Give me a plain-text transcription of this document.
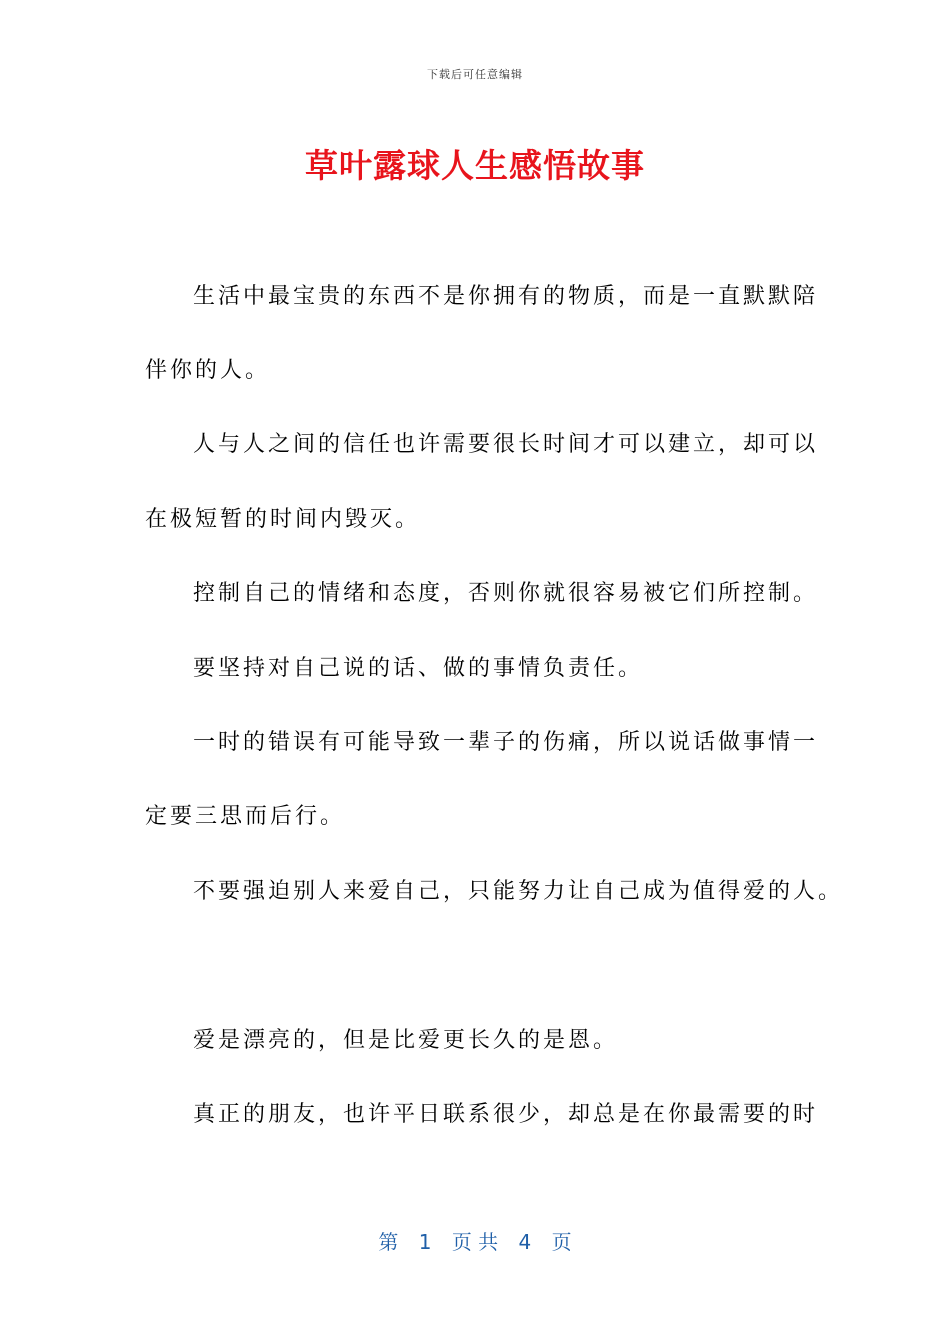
下载后可任意编辑
草叶露球人生感悟故事
生活中最宝贵的东西不是你拥有的物质，而是一直默默陪
伴你的人。
人与人之间的信任也许需要很长时间才可以建立，却可以
在极短暂的时间内毁灭。
控制自己的情绪和态度，否则你就很容易被它们所控制。
要坚持对自己说的话、做的事情负责任。
一时的错误有可能导致一辈子的伤痛，所以说话做事情一
定要三思而后行。
不要强迫别人来爱自己，只能努力让自己成为值得爱的人。
爱是漂亮的，但是比爱更长久的是恩。
真正的朋友，也许平日联系很少，却总是在你最需要的时
第 1 页 共 4 页
